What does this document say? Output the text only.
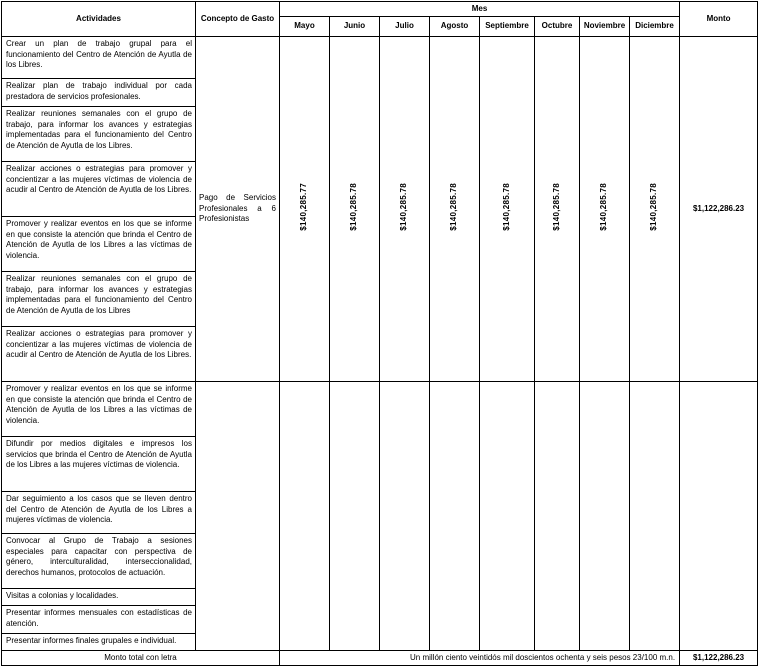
Actividades	Concepto de Gasto	Mes								Monto
		Mayo	Junio	Julio	Agosto	Septiembre	Octubre	Noviembre	Diciembre	
Crear un plan de trabajo grupal para el funcionamiento del Centro de Atención de Ayutla de los Libres.	Pago de Servicios Profesionales a 6 Profesionistas	$140,285.77	$140,285.78	$140,285.78	$140,285.78	$140,285.78	$140,285.78	$140,285.78	$140,285.78	$1,122,286.23
Realizar plan de trabajo individual por cada prestadora de servicios profesionales.										
Realizar reuniones semanales con el grupo de trabajo, para informar los avances y estrategias implementadas para el funcionamiento del Centro de Atención de Ayutla de los Libres.										
Realizar acciones o estrategias para promover y concientizar a las mujeres víctimas de violencia de acudir al Centro de Atención de Ayutla de los Libres.										
Promover y realizar eventos en los que se informe en que consiste la atención que brinda el Centro de Atención de Ayutla de los Libres a las víctimas de violencia.										
Realizar reuniones semanales con el grupo de trabajo, para informar los avances y estrategias implementadas para el funcionamiento del Centro de Atención de Ayutla de los Libres										
Realizar acciones o estrategias para promover y concientizar a las mujeres víctimas de violencia de acudir al Centro de Atención de Ayutla de los Libres.										
Promover y realizar eventos en los que se informe en que consiste la atención que brinda el Centro de Atención de Ayutla de los Libres a las víctimas de violencia.										
Difundir por medios digitales e impresos los servicios que brinda el Centro de Atención de Ayutla de los Libres a las mujeres víctimas de violencia.										
Dar seguimiento a los casos que se lleven dentro del Centro de Atención de Ayutla de los Libres a mujeres víctimas de violencia.										
Convocar al Grupo de Trabajo a sesiones especiales para capacitar con perspectiva de género, interculturalidad, interseccionalidad, derechos humanos, protocolos de actuación.										
Visitas a colonias y localidades.										
Presentar informes mensuales con estadísticas de atención.										
Presentar informes finales grupales e individual.										
Monto total con letra		Un millón ciento veintidós mil doscientos ochenta y seis pesos 23/100 m.n.								$1,122,286.23
